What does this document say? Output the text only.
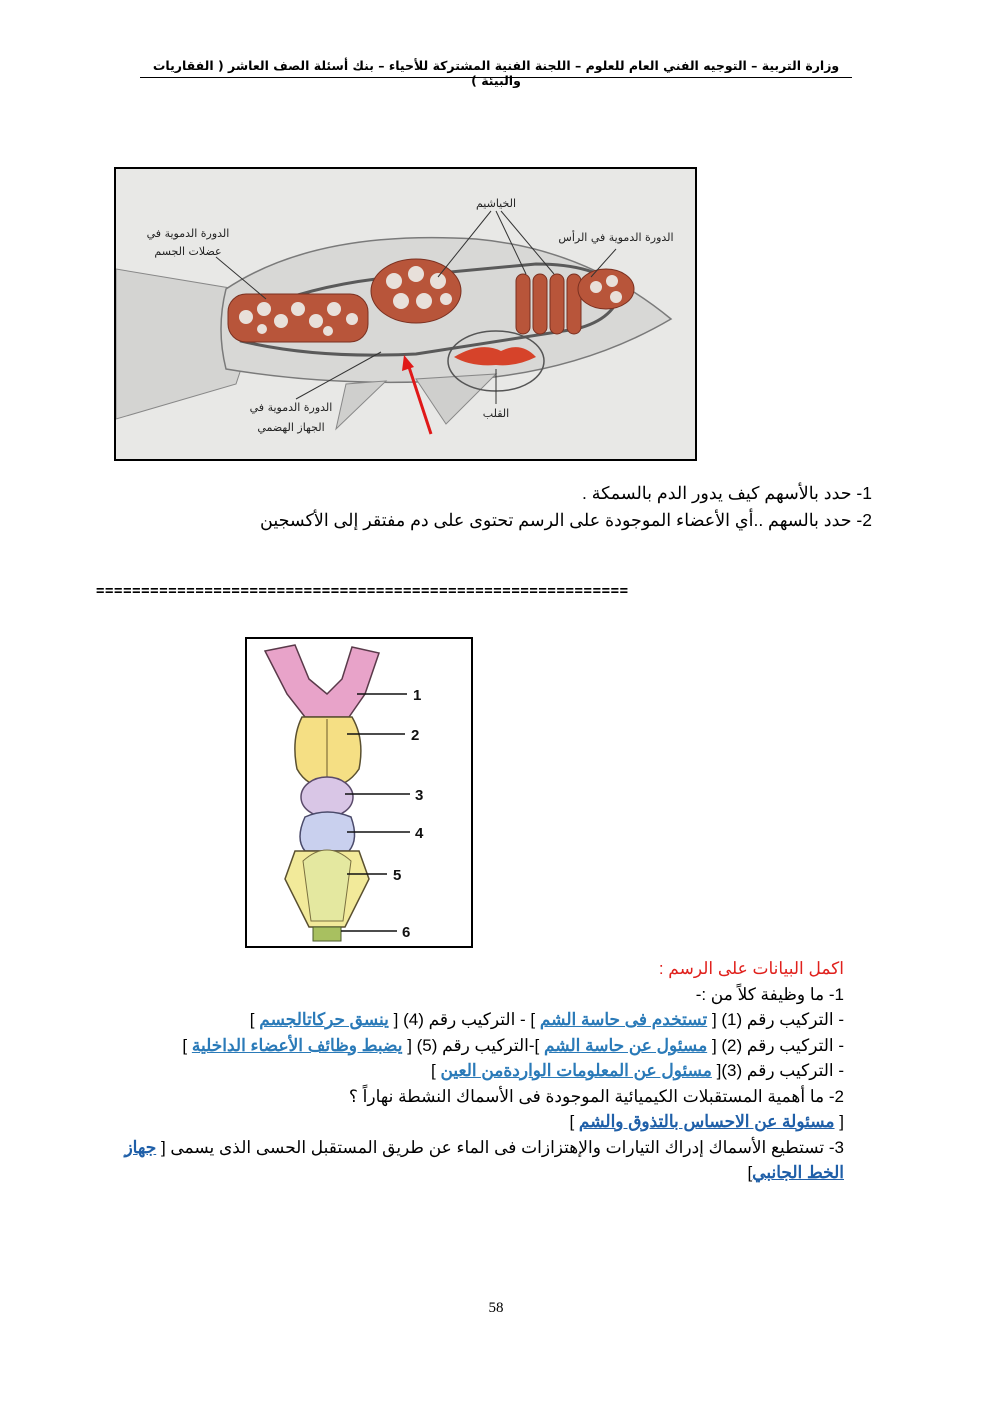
وزارة التربية – التوجيه الفني العام للعلوم – اللجنة الفنية المشتركة للأحياء – بنك أسئلة الصف العاشر ( الفقاريات والبيئة )
الخياشيم
الدورة الدموية في الرأس
الدورة الدموية في
عضلات الجسم
الدورة الدموية في
الجهاز الهضمي
القلب
1- حدد بالأسهم كيف يدور الدم بالسمكة .
2- حدد بالسهم ..أي الأعضاء الموجودة على الرسم تحتوى على دم مفتقر إلى الأكسجين
===========================================================
1
2
3
4
5
6
اكمل البيانات على الرسم :
1- ما وظيفة كلاً من :-
- التركيب رقم (1) [ تستخدم فى حاسة الشم ] - التركيب رقم (4) [ ينسق حركاتالجسم ]
- التركيب رقم (2) [ مسئول عن حاسة الشم ]-التركيب رقم (5) [ يضبط وظائف الأعضاء الداخلية ]
- التركيب رقم (3)[ مسئول عن المعلومات الواردةمن العين ]
2- ما أهمية المستقبلات الكيميائية الموجودة فى الأسماك النشطة نهاراً ؟
[ مسئولة عن الاحساس بالتذوق والشم ]
3- تستطيع الأسماك إدراك التيارات والإهتزازات فى الماء عن طريق المستقبل الحسى الذى يسمى [ جهاز
الخط الجانبي]
58
